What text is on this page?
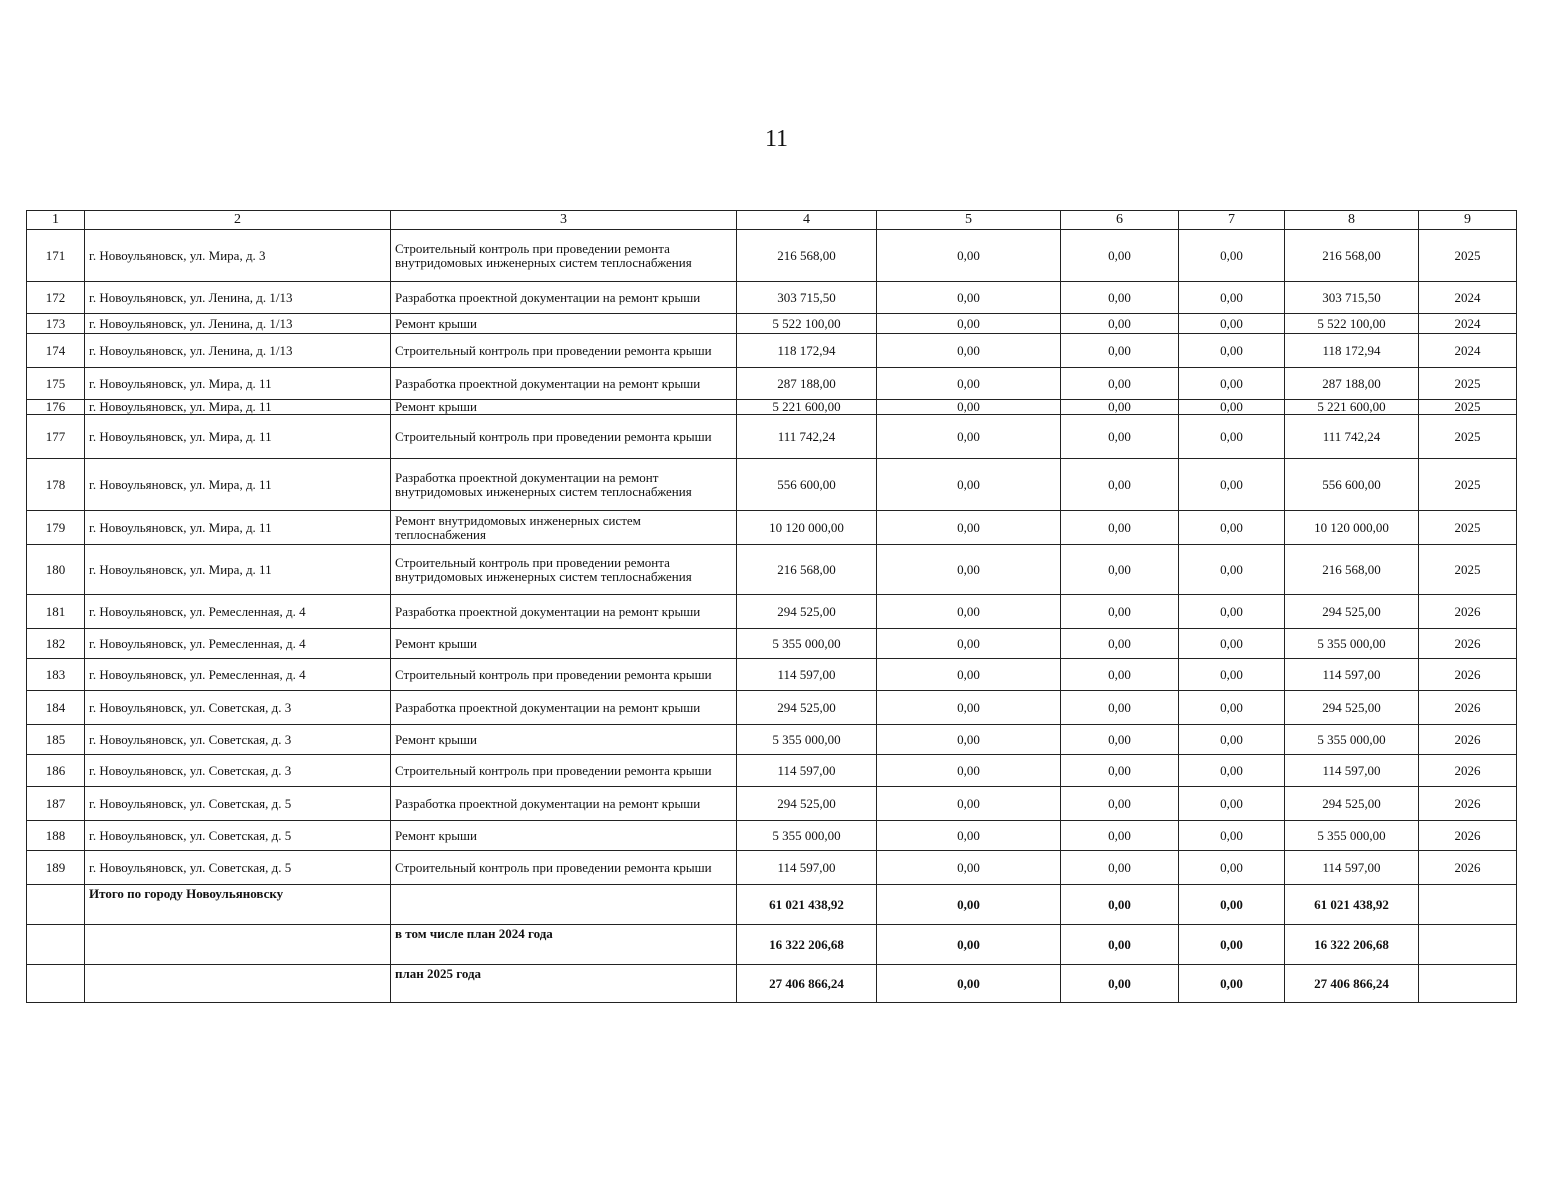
11
1	2	3	4	5	6	7	8	9
171	г. Новоульяновск, ул. Мира, д. 3	Строительный контроль при проведении ремонта внутридомовых инженерных систем теплоснабжения	216 568,00	0,00	0,00	0,00	216 568,00	2025
172	г. Новоульяновск, ул. Ленина, д. 1/13	Разработка проектной документации на ремонт крыши	303 715,50	0,00	0,00	0,00	303 715,50	2024
173	г. Новоульяновск, ул. Ленина, д. 1/13	Ремонт крыши	5 522 100,00	0,00	0,00	0,00	5 522 100,00	2024
174	г. Новоульяновск, ул. Ленина, д. 1/13	Строительный контроль при проведении ремонта крыши	118 172,94	0,00	0,00	0,00	118 172,94	2024
175	г. Новоульяновск, ул. Мира, д. 11	Разработка проектной документации на ремонт крыши	287 188,00	0,00	0,00	0,00	287 188,00	2025
176	г. Новоульяновск, ул. Мира, д. 11	Ремонт крыши	5 221 600,00	0,00	0,00	0,00	5 221 600,00	2025
177	г. Новоульяновск, ул. Мира, д. 11	Строительный контроль при проведении ремонта крыши	111 742,24	0,00	0,00	0,00	111 742,24	2025
178	г. Новоульяновск, ул. Мира, д. 11	Разработка проектной документации на ремонт внутридомовых инженерных систем теплоснабжения	556 600,00	0,00	0,00	0,00	556 600,00	2025
179	г. Новоульяновск, ул. Мира, д. 11	Ремонт внутридомовых инженерных систем теплоснабжения	10 120 000,00	0,00	0,00	0,00	10 120 000,00	2025
180	г. Новоульяновск, ул. Мира, д. 11	Строительный контроль при проведении ремонта внутридомовых инженерных систем теплоснабжения	216 568,00	0,00	0,00	0,00	216 568,00	2025
181	г. Новоульяновск, ул. Ремесленная, д. 4	Разработка проектной документации на ремонт крыши	294 525,00	0,00	0,00	0,00	294 525,00	2026
182	г. Новоульяновск, ул. Ремесленная, д. 4	Ремонт крыши	5 355 000,00	0,00	0,00	0,00	5 355 000,00	2026
183	г. Новоульяновск, ул. Ремесленная, д. 4	Строительный контроль при проведении ремонта крыши	114 597,00	0,00	0,00	0,00	114 597,00	2026
184	г. Новоульяновск, ул. Советская, д. 3	Разработка проектной документации на ремонт крыши	294 525,00	0,00	0,00	0,00	294 525,00	2026
185	г. Новоульяновск, ул. Советская, д. 3	Ремонт крыши	5 355 000,00	0,00	0,00	0,00	5 355 000,00	2026
186	г. Новоульяновск, ул. Советская, д. 3	Строительный контроль при проведении ремонта крыши	114 597,00	0,00	0,00	0,00	114 597,00	2026
187	г. Новоульяновск, ул. Советская, д. 5	Разработка проектной документации на ремонт крыши	294 525,00	0,00	0,00	0,00	294 525,00	2026
188	г. Новоульяновск, ул. Советская, д. 5	Ремонт крыши	5 355 000,00	0,00	0,00	0,00	5 355 000,00	2026
189	г. Новоульяновск, ул. Советская, д. 5	Строительный контроль при проведении ремонта крыши	114 597,00	0,00	0,00	0,00	114 597,00	2026
	Итого по городу Новоульяновску		61 021 438,92	0,00	0,00	0,00	61 021 438,92	
		в том числе план 2024 года	16 322 206,68	0,00	0,00	0,00	16 322 206,68	
		план 2025 года	27 406 866,24	0,00	0,00	0,00	27 406 866,24	
